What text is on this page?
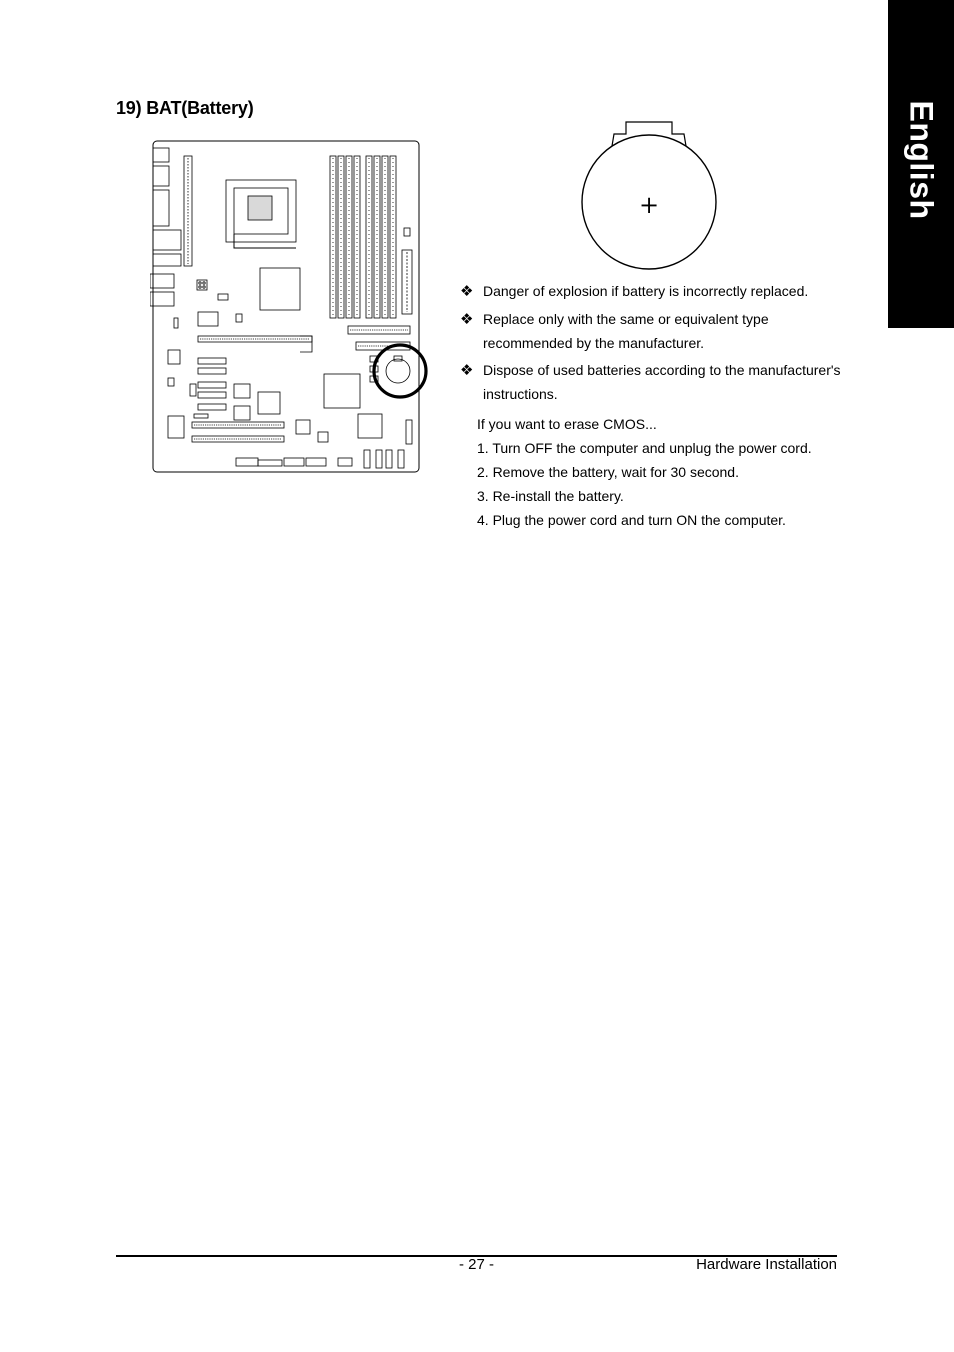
English
19) BAT(Battery)
+
❖ Danger of explosion if battery is incorrectly replaced.
❖ Replace only with the same or equivalent type recommended by the manufacturer.
❖ Dispose of used batteries according to the manufacturer's instructions.
If you want to erase CMOS...
1. Turn OFF the computer and unplug the power cord.
2. Remove the battery, wait for 30 second.
3. Re-install the battery.
4. Plug the power cord and turn ON the computer.
- 27 -	Hardware Installation
